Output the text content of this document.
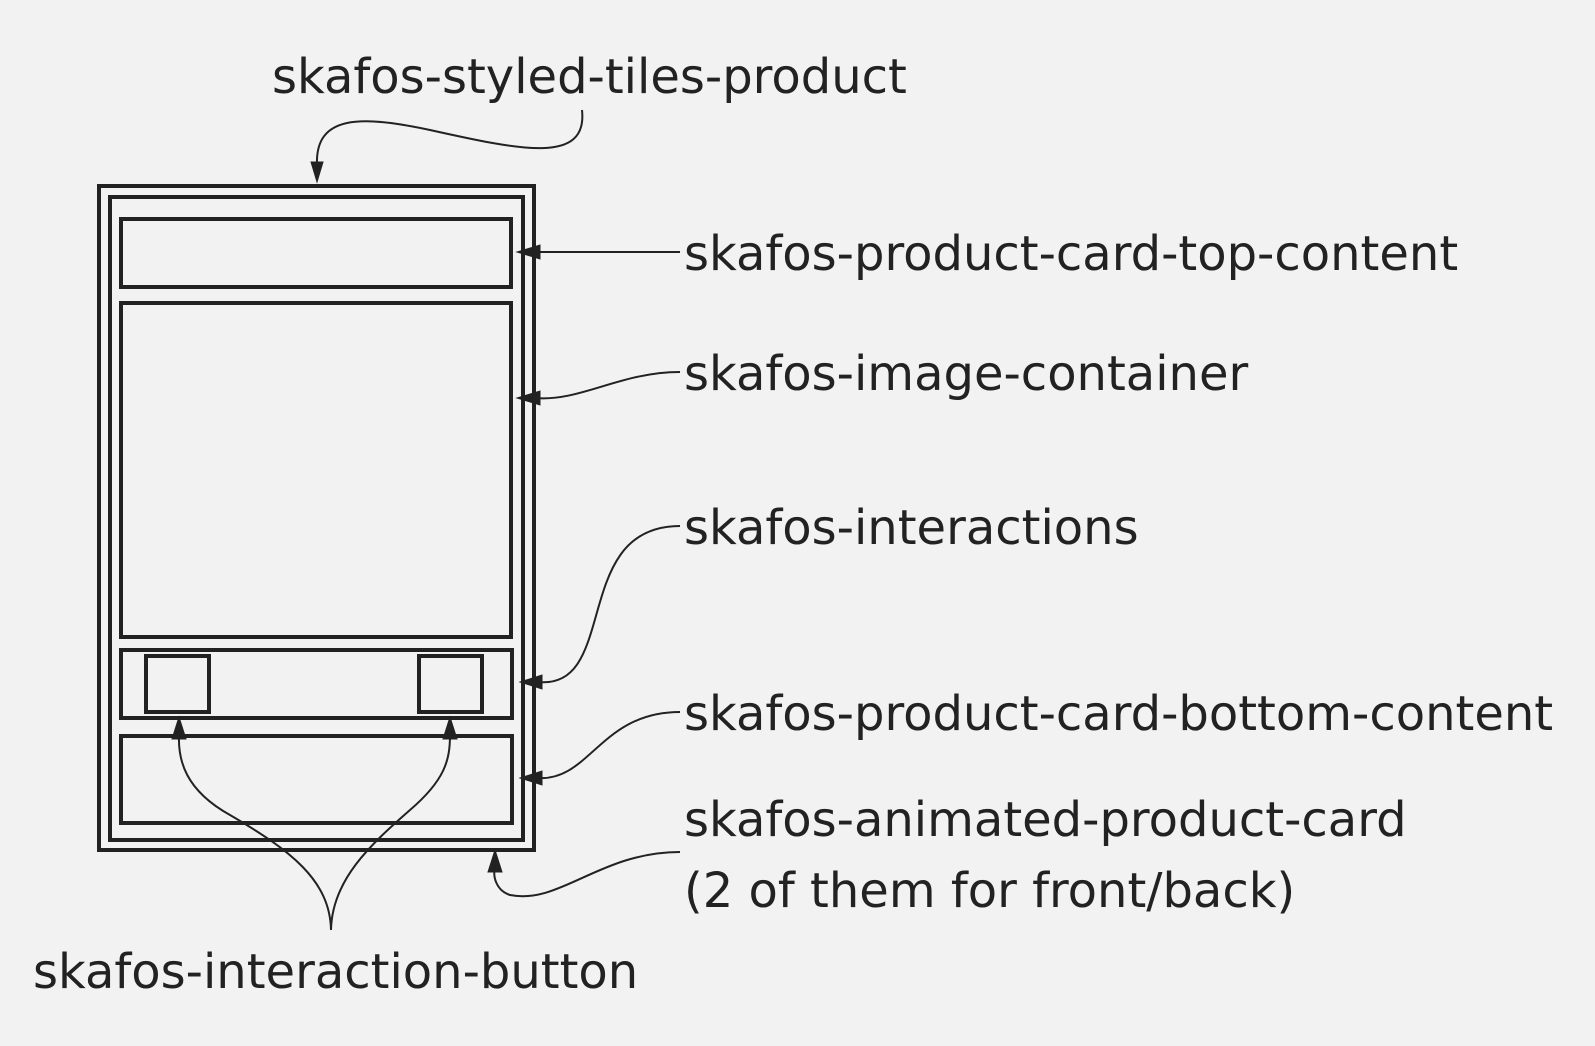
skafos-styled-tiles-product
skafos-product-card-top-content
skafos-image-container
skafos-interactions
skafos-product-card-bottom-content
skafos-animated-product-card
(2 of them for front/back)
skafos-interaction-button
